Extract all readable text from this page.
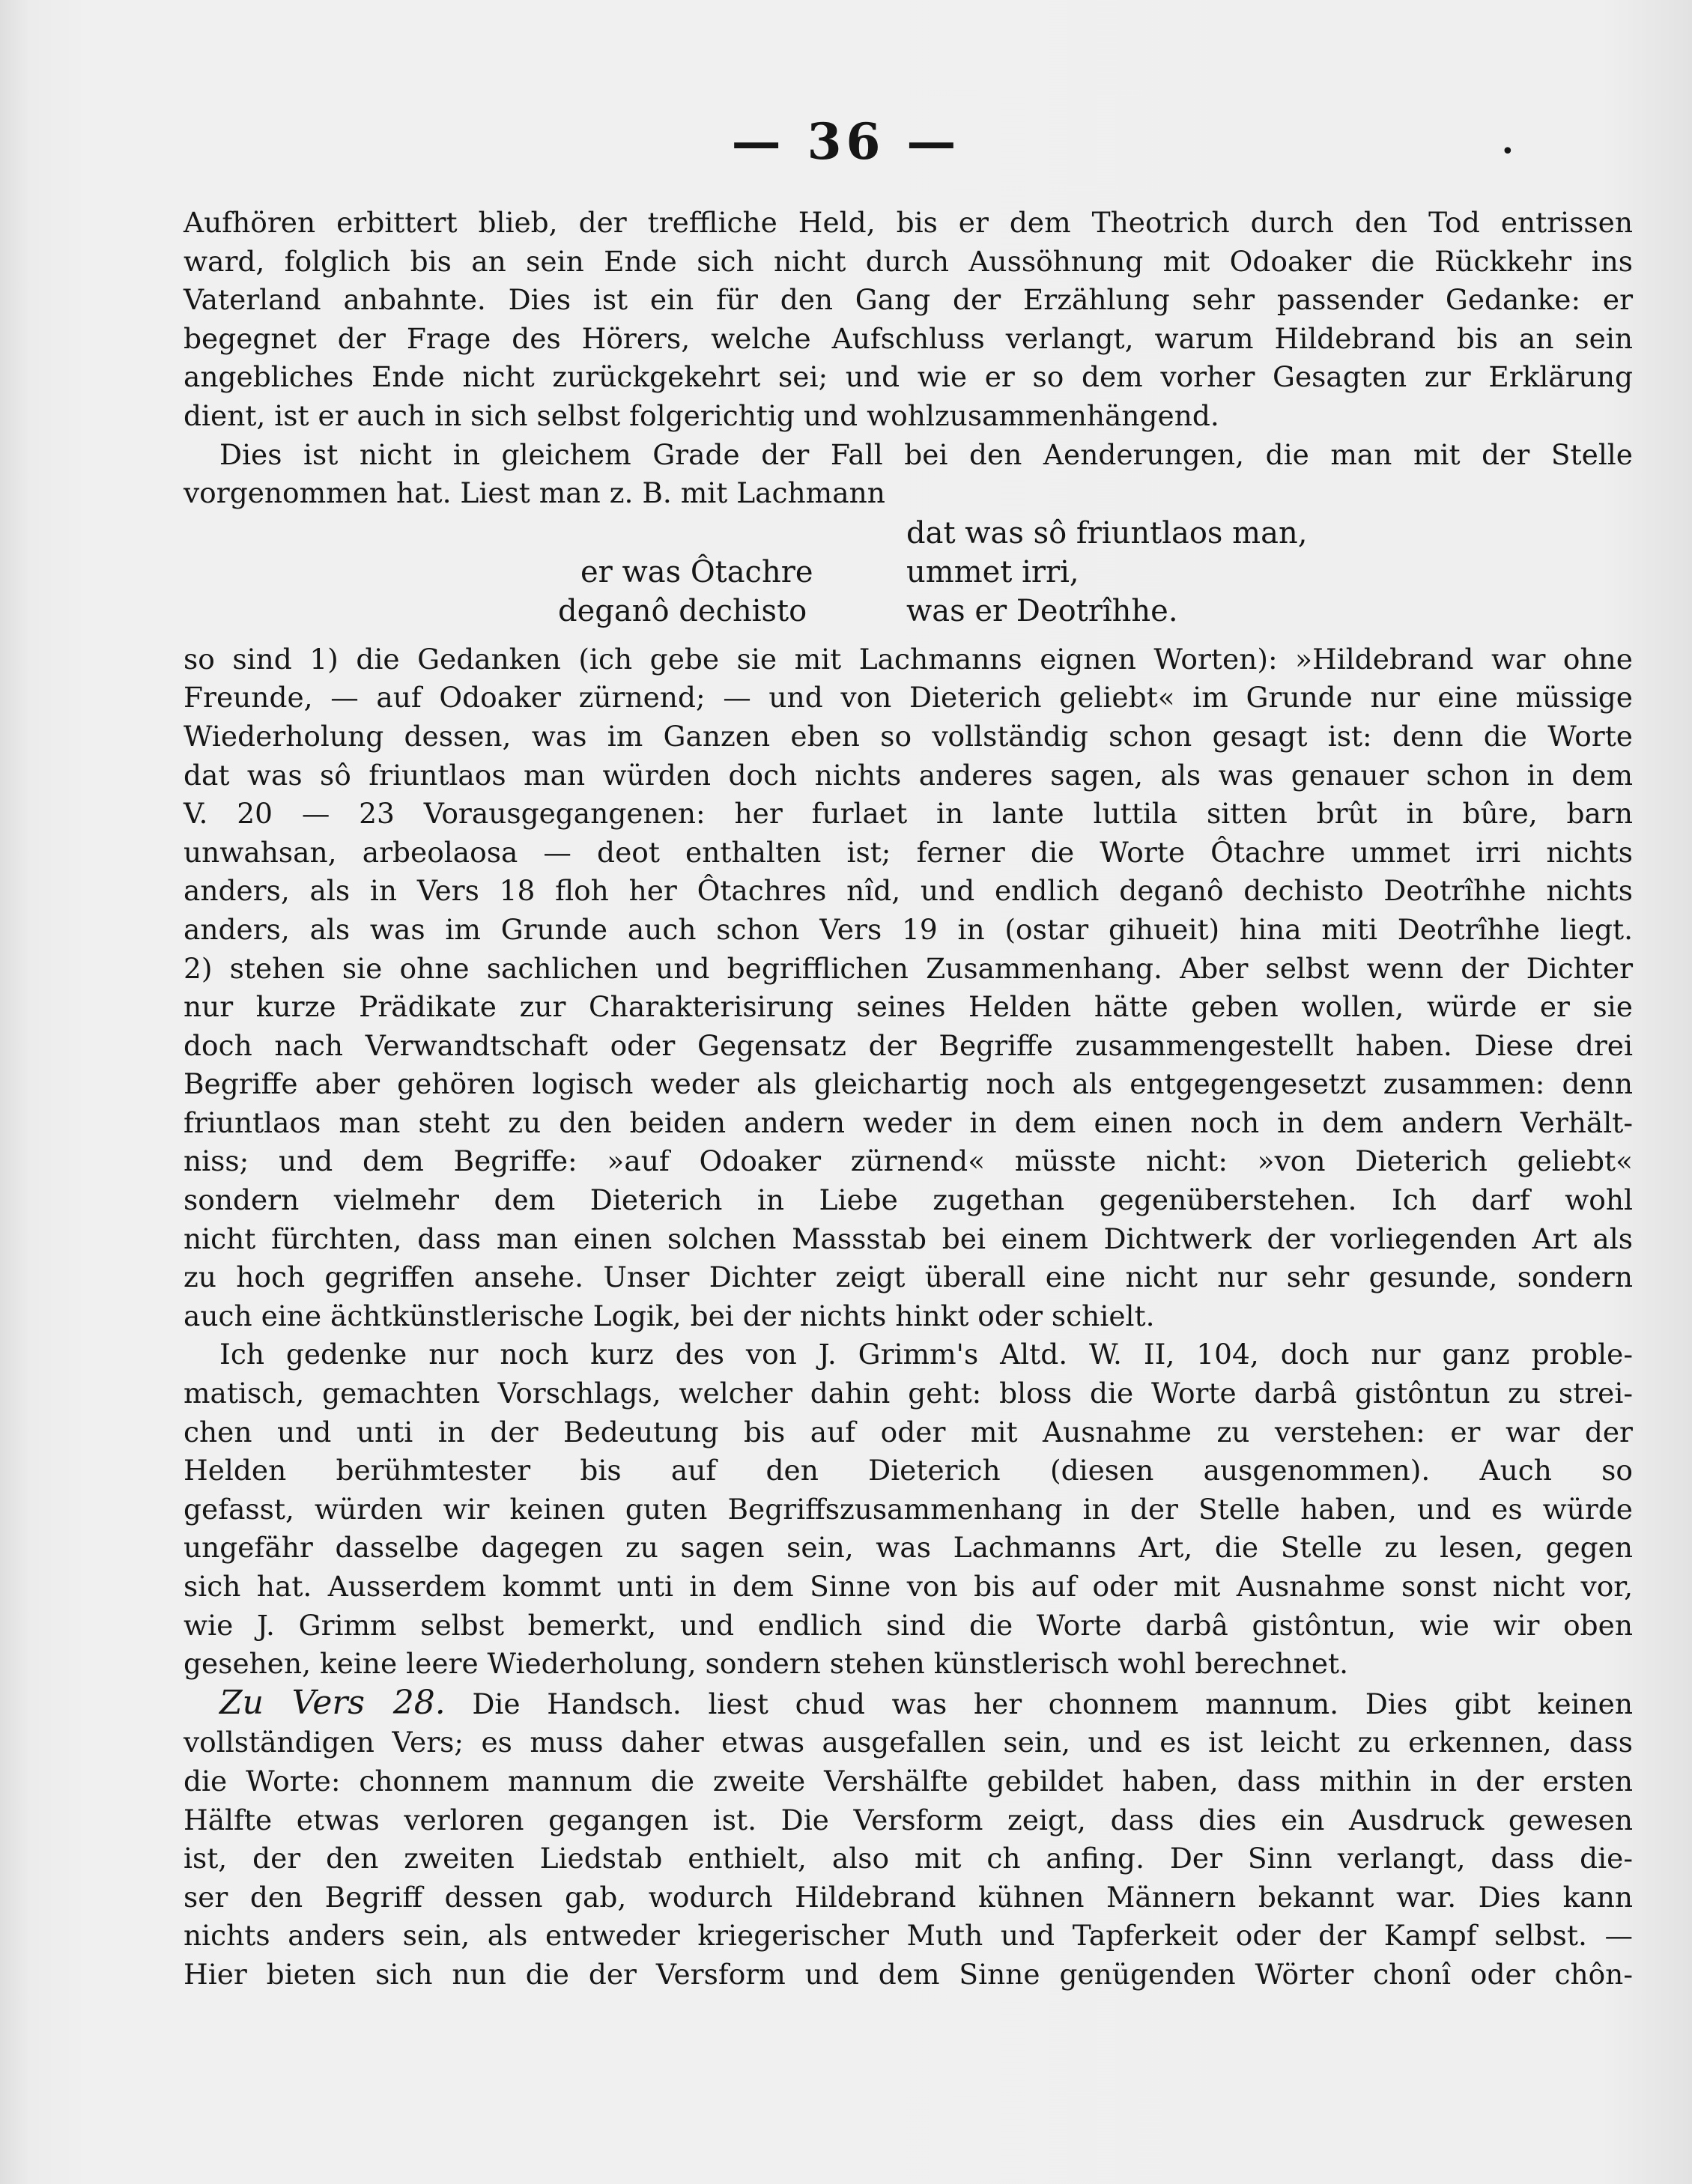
— 36 —	•
Aufhören erbittert blieb, der treffliche Held, bis er dem Theotrich durch den Tod entrissen
ward, folglich bis an sein Ende sich nicht durch Aussöhnung mit Odoaker die Rückkehr ins
Vaterland anbahnte. Dies ist ein für den Gang der Erzählung sehr passender Gedanke: er
begegnet der Frage des Hörers, welche Aufschluss verlangt, warum Hildebrand bis an sein
angebliches Ende nicht zurückgekehrt sei; und wie er so dem vorher Gesagten zur Erklärung
dient, ist er auch in sich selbst folgerichtig und wohlzusammenhängend.
Dies ist nicht in gleichem Grade der Fall bei den Aenderungen, die man mit der Stelle
vorgenommen hat. Liest man z. B. mit Lachmann
dat was sô friuntlaos man,
er was Ôtachre	ummet irri,
deganô dechisto	was er Deotrîhhe.
so sind 1) die Gedanken (ich gebe sie mit Lachmanns eignen Worten): »Hildebrand war ohne
Freunde, — auf Odoaker zürnend; — und von Dieterich geliebt« im Grunde nur eine müssige
Wiederholung dessen, was im Ganzen eben so vollständig schon gesagt ist: denn die Worte
dat was sô friuntlaos man würden doch nichts anderes sagen, als was genauer schon in dem
V. 20 — 23 Vorausgegangenen: her furlaet in lante luttila sitten brût in bûre, barn
unwahsan, arbeolaosa — deot enthalten ist; ferner die Worte Ôtachre ummet irri nichts
anders, als in Vers 18 floh her Ôtachres nîd, und endlich deganô dechisto Deotrîhhe nichts
anders, als was im Grunde auch schon Vers 19 in (ostar gihueit) hina miti Deotrîhhe liegt.
2) stehen sie ohne sachlichen und begrifflichen Zusammenhang. Aber selbst wenn der Dichter
nur kurze Prädikate zur Charakterisirung seines Helden hätte geben wollen, würde er sie
doch nach Verwandtschaft oder Gegensatz der Begriffe zusammengestellt haben. Diese drei
Begriffe aber gehören logisch weder als gleichartig noch als entgegengesetzt zusammen: denn
friuntlaos man steht zu den beiden andern weder in dem einen noch in dem andern Verhält-
niss; und dem Begriffe: »auf Odoaker zürnend« müsste nicht: »von Dieterich geliebt«
sondern vielmehr dem Dieterich in Liebe zugethan gegenüberstehen. Ich darf wohl
nicht fürchten, dass man einen solchen Massstab bei einem Dichtwerk der vorliegenden Art als
zu hoch gegriffen ansehe. Unser Dichter zeigt überall eine nicht nur sehr gesunde, sondern
auch eine ächtkünstlerische Logik, bei der nichts hinkt oder schielt.
Ich gedenke nur noch kurz des von J. Grimm's Altd. W. II, 104, doch nur ganz proble-
matisch, gemachten Vorschlags, welcher dahin geht: bloss die Worte darbâ gistôntun zu strei-
chen und unti in der Bedeutung bis auf oder mit Ausnahme zu verstehen: er war der
Helden berühmtester bis auf den Dieterich (diesen ausgenommen). Auch so
gefasst, würden wir keinen guten Begriffszusammenhang in der Stelle haben, und es würde
ungefähr dasselbe dagegen zu sagen sein, was Lachmanns Art, die Stelle zu lesen, gegen
sich hat. Ausserdem kommt unti in dem Sinne von bis auf oder mit Ausnahme sonst nicht vor,
wie J. Grimm selbst bemerkt, und endlich sind die Worte darbâ gistôntun, wie wir oben
gesehen, keine leere Wiederholung, sondern stehen künstlerisch wohl berechnet.
Zu Vers 28. Die Handsch. liest chud was her chonnem mannum. Dies gibt keinen
vollständigen Vers; es muss daher etwas ausgefallen sein, und es ist leicht zu erkennen, dass
die Worte: chonnem mannum die zweite Vershälfte gebildet haben, dass mithin in der ersten
Hälfte etwas verloren gegangen ist. Die Versform zeigt, dass dies ein Ausdruck gewesen
ist, der den zweiten Liedstab enthielt, also mit ch anfing. Der Sinn verlangt, dass die-
ser den Begriff dessen gab, wodurch Hildebrand kühnen Männern bekannt war. Dies kann
nichts anders sein, als entweder kriegerischer Muth und Tapferkeit oder der Kampf selbst. —
Hier bieten sich nun die der Versform und dem Sinne genügenden Wörter chonî oder chôn-
